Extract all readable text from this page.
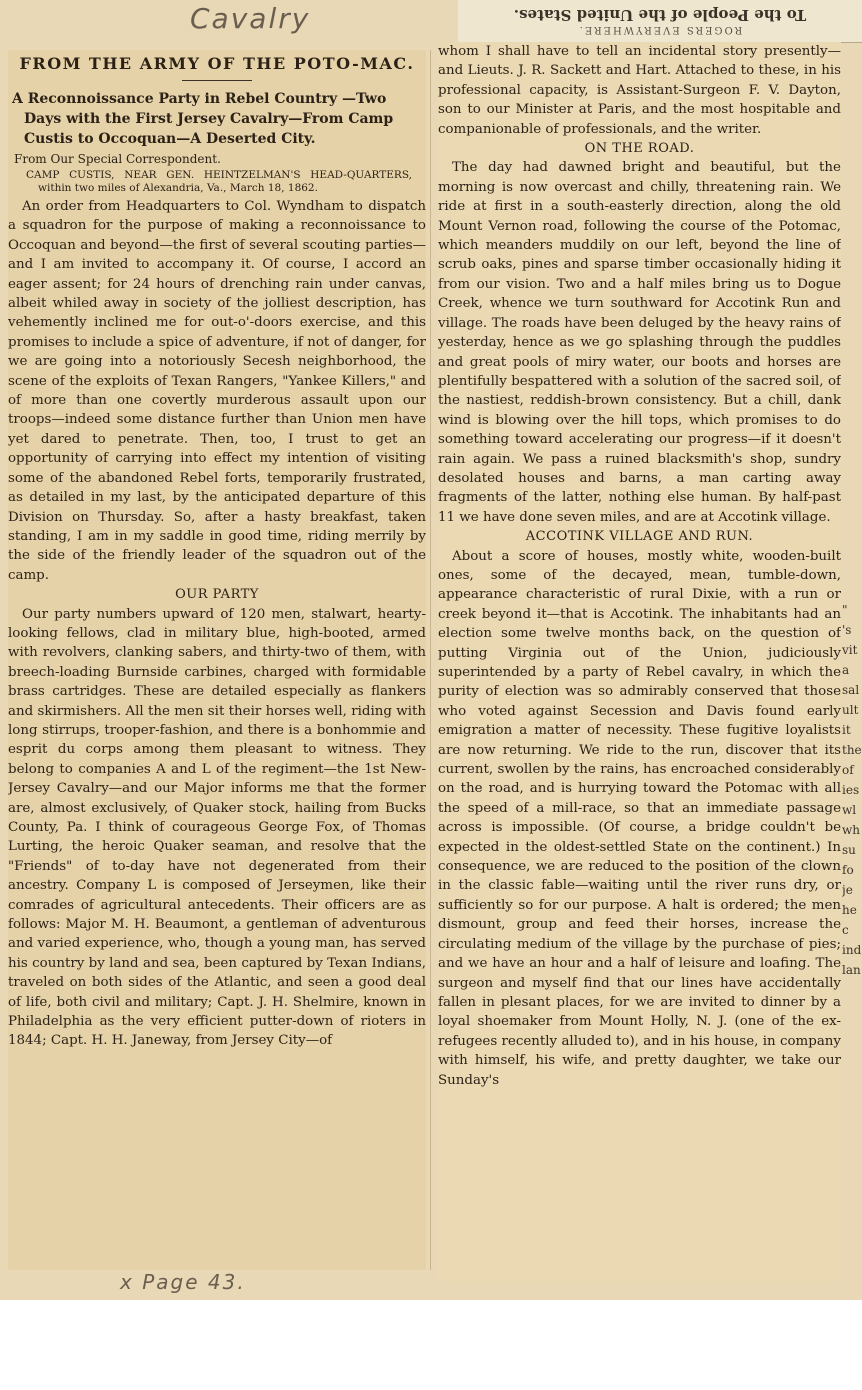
Cavalry	To the People of the United States.
ROGERS EVERYWHERE.
FROM THE ARMY OF THE POTO-MAC.
A Reconnoissance Party in Rebel Country —Two Days with the First Jersey Cavalry—From Camp Custis to Occoquan—A Deserted City.
From Our Special Correspondent.
CAMP CUSTIS, NEAR GEN. HEINTZELMAN'S HEAD-QUARTERS, within two miles of Alexandria, Va., March 18, 1862.

An order from Headquarters to Col. Wyndham to dispatch a squadron for the purpose of making a reconnoissance to Occoquan and beyond—the first of several scouting parties—and I am invited to accompany it. Of course, I accord an eager assent; for 24 hours of drenching rain under canvas, albeit whiled away in society of the jolliest description, has vehemently inclined me for out-o'-doors exercise, and this promises to include a spice of adventure, if not of danger, for we are going into a notoriously Secesh neighborhood, the scene of the exploits of Texan Rangers, "Yankee Killers," and of more than one covertly murderous assault upon our troops—indeed some distance further than Union men have yet dared to penetrate. Then, too, I trust to get an opportunity of carrying into effect my intention of visiting some of the abandoned Rebel forts, temporarily frustrated, as detailed in my last, by the anticipated departure of this Division on Thursday. So, after a hasty breakfast, taken standing, I am in my saddle in good time, riding merrily by the side of the friendly leader of the squadron out of the camp.

OUR PARTY

Our party numbers upward of 120 men, stalwart, hearty-looking fellows, clad in military blue, high-booted, armed with revolvers, clanking sabers, and thirty-two of them, with breech-loading Burnside carbines, charged with formidable brass cartridges. These are detailed especially as flankers and skirmishers. All the men sit their horses well, riding with long stirrups, trooper-fashion, and there is a bonhommie and esprit du corps among them pleasant to witness. They belong to companies A and L of the regiment—the 1st New-Jersey Cavalry—and our Major informs me that the former are, almost exclusively, of Quaker stock, hailing from Bucks County, Pa. I think of courageous George Fox, of Thomas Lurting, the heroic Quaker seaman, and resolve that the "Friends" of to-day have not degenerated from their ancestry. Company L is composed of Jerseymen, like their comrades of agricultural antecedents. Their officers are as follows: Major M. H. Beaumont, a gentleman of adventurous and varied experience, who, though a young man, has served his country by land and sea, been captured by Texan Indians, traveled on both sides of the Atlantic, and seen a good deal of life, both civil and military; Capt. J. H. Shelmire, known in Philadelphia as the very efficient putter-down of rioters in 1844; Capt. H. H. Janeway, from Jersey City—of

whom I shall have to tell an incidental story presently—and Lieuts. J. R. Sackett and Hart. Attached to these, in his professional capacity, is Assistant-Surgeon F. V. Dayton, son to our Minister at Paris, and the most hospitable and companionable of professionals, and the writer.

ON THE ROAD.

The day had dawned bright and beautiful, but the morning is now overcast and chilly, threatening rain. We ride at first in a south-easterly direction, along the old Mount Vernon road, following the course of the Potomac, which meanders muddily on our left, beyond the line of scrub oaks, pines and sparse timber occasionally hiding it from our vision. Two and a half miles bring us to Dogue Creek, whence we turn southward for Accotink Run and village. The roads have been deluged by the heavy rains of yesterday, hence as we go splashing through the puddles and great pools of miry water, our boots and horses are plentifully bespattered with a solution of the sacred soil, of the nastiest, reddish-brown consistency. But a chill, dank wind is blowing over the hill tops, which promises to do something toward accelerating our progress—if it doesn't rain again. We pass a ruined blacksmith's shop, sundry desolated houses and barns, a man carting away fragments of the latter, nothing else human. By half-past 11 we have done seven miles, and are at Accotink village.

ACCOTINK VILLAGE AND RUN.

About a score of houses, mostly white, wooden-built ones, some of the decayed, mean, tumble-down, appearance characteristic of rural Dixie, with a run or creek beyond it—that is Accotink. The inhabitants had an election some twelve months back, on the question of putting Virginia out of the Union, judiciously superintended by a party of Rebel cavalry, in which the purity of election was so admirably conserved that those who voted against Secession and Davis found early emigration a matter of necessity. These fugitive loyalists are now returning. We ride to the run, discover that its current, swollen by the rains, has encroached considerably on the road, and is hurrying toward the Potomac with all the speed of a mill-race, so that an immediate passage across is impossible. (Of course, a bridge couldn't be expected in the oldest-settled State on the continent.) In consequence, we are reduced to the position of the clown in the classic fable—waiting until the river runs dry, or sufficiently so for our purpose. A halt is ordered; the men dismount, group and feed their horses, increase the circulating medium of the village by the purchase of pies; and we have an hour and a half of leisure and loafing. The surgeon and myself find that our lines have accidentally fallen in plesant places, for we are invited to dinner by a loyal shoemaker from Mount Holly, N. J. (one of the ex-refugees recently alluded to), and in his house, in company with himself, his wife, and pretty daughter, we take our Sunday's

"
's
vit
a
sal
ult
it
the
of
ies
wl
wh
su
fo
je
he
c
ind
lan
x Page 43.
